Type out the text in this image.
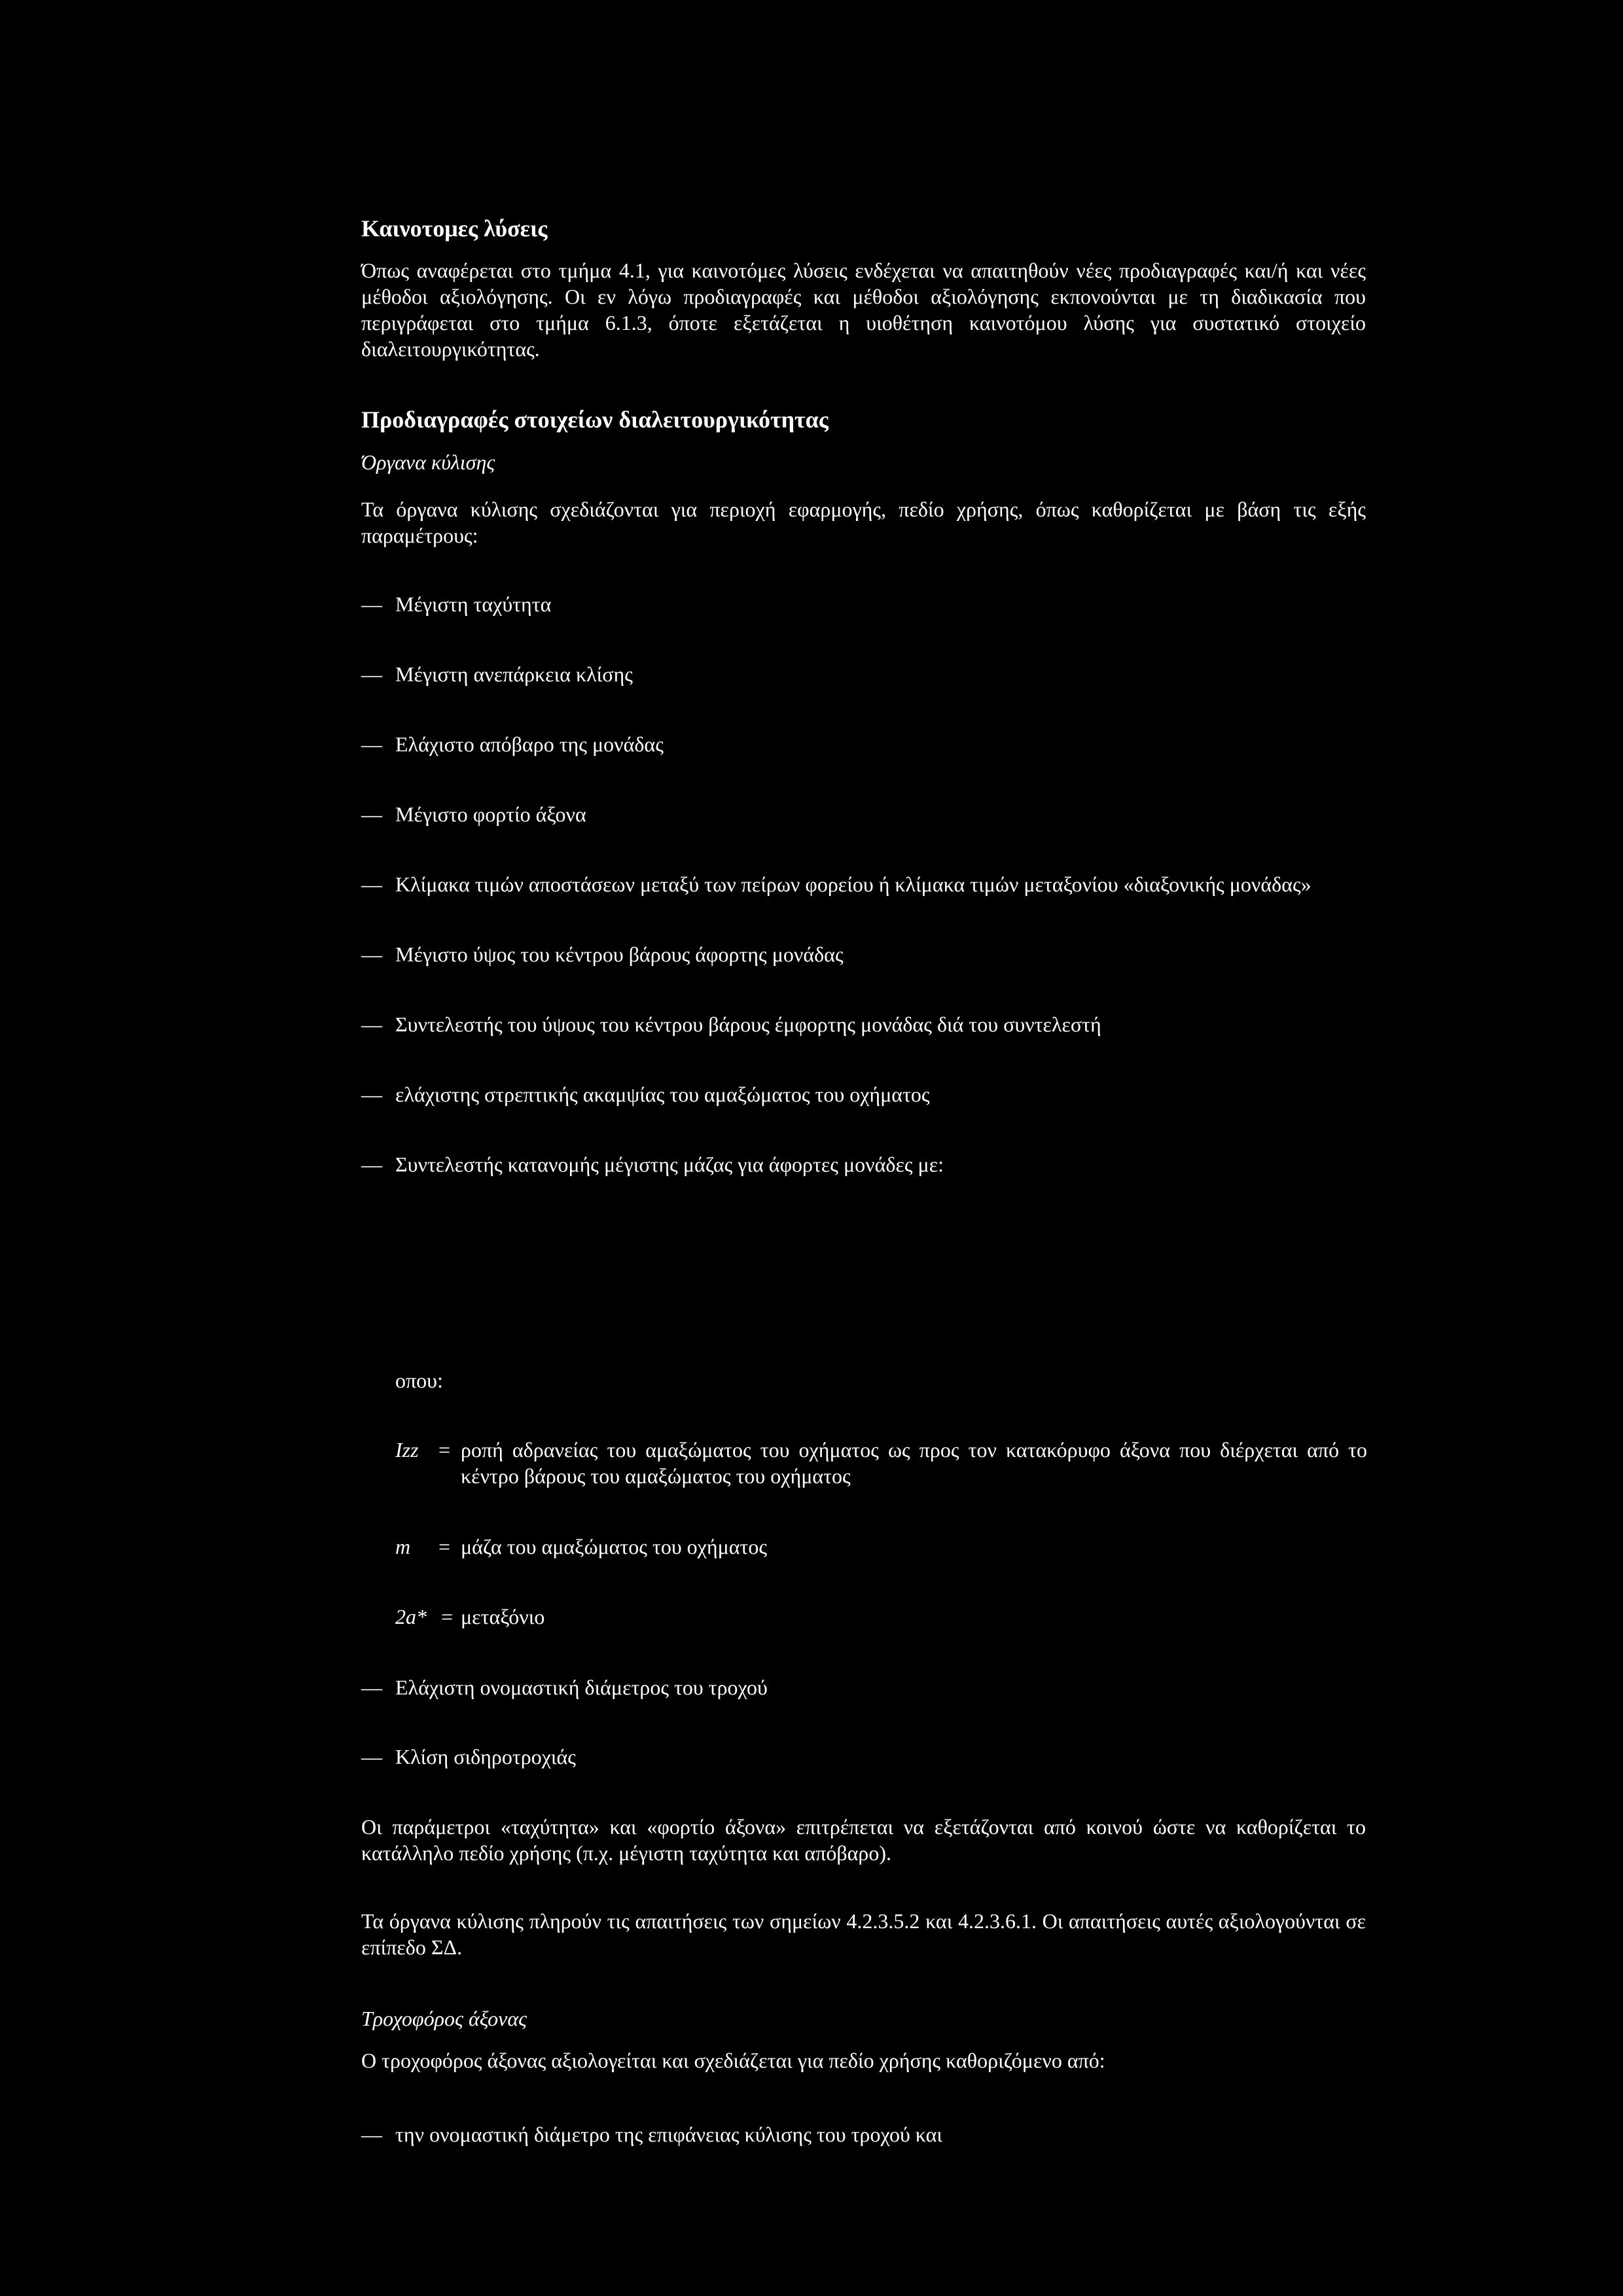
Καινοτομες λύσεις

Όπως αναφέρεται στο τμήμα 4.1, για καινοτόμες λύσεις ενδέχεται να απαιτηθούν νέες προδιαγραφές και/ή και νέες μέθοδοι αξιολόγησης. Οι εν λόγω προδιαγραφές και μέθοδοι αξιολόγησης εκπονούνται με τη διαδικασία που περιγράφεται στο τμήμα 6.1.3, όποτε εξετάζεται η υιοθέτηση καινοτόμου λύσης για συστατικό στοιχείο διαλειτουργικότητας.

Προδιαγραφές στοιχείων διαλειτουργικότητας

Όργανα κύλισης

Τα όργανα κύλισης σχεδιάζονται για περιοχή εφαρμογής, πεδίο χρήσης, όπως καθορίζεται με βάση τις εξής παραμέτρους:

— Μέγιστη ταχύτητα
— Μέγιστη ανεπάρκεια κλίσης
— Ελάχιστο απόβαρο της μονάδας
— Μέγιστο φορτίο άξονα
— Κλίμακα τιμών αποστάσεων μεταξύ των πείρων φορείου ή κλίμακα τιμών μεταξονίου «διαξονικής μονάδας»
— Μέγιστο ύψος του κέντρου βάρους άφορτης μονάδας
— Συντελεστής του ύψους του κέντρου βάρους έμφορτης μονάδας διά του συντελεστή
— ελάχιστης στρεπτικής ακαμψίας του αμαξώματος του οχήματος
— Συντελεστής κατανομής μέγιστης μάζας για άφορτες μονάδες με:
οπου:
Izz = ροπή αδρανείας του αμαξώματος του οχήματος ως προς τον κατακόρυφο άξονα που διέρχεται από το κέντρο βάρους του αμαξώματος του οχήματος
m	= μάζα του αμαξώματος του οχήματος
2a* = μεταξόνιο
— Ελάχιστη ονομαστική διάμετρος του τροχού
— Κλίση σιδηροτροχιάς

Οι παράμετροι «ταχύτητα» και «φορτίο άξονα» επιτρέπεται να εξετάζονται από κοινού ώστε να καθορίζεται το κατάλληλο πεδίο χρήσης (π.χ. μέγιστη ταχύτητα και απόβαρο).

Τα όργανα κύλισης πληρούν τις απαιτήσεις των σημείων 4.2.3.5.2 και 4.2.3.6.1. Οι απαιτήσεις αυτές αξιολογούνται σε επίπεδο ΣΔ.

Τροχοφόρος άξονας

Ο τροχοφόρος άξονας αξιολογείται και σχεδιάζεται για πεδίο χρήσης καθοριζόμενο από:

— την ονομαστική διάμετρο της επιφάνειας κύλισης του τροχού και
